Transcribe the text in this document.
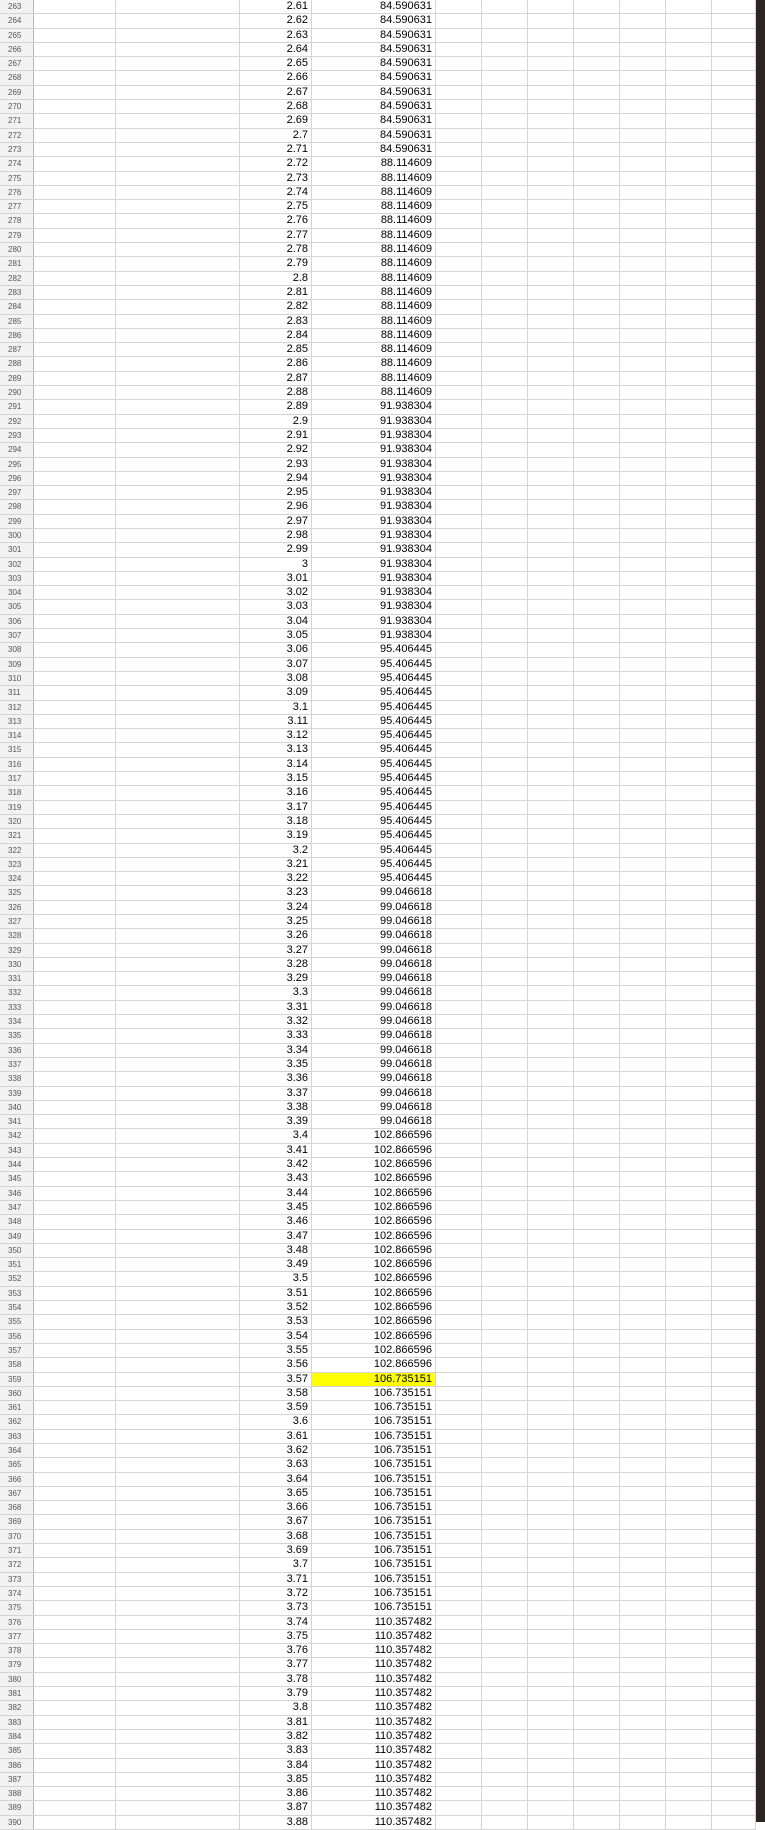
263	2.61	84.590631
264	2.62	84.590631
265	2.63	84.590631
266	2.64	84.590631
267	2.65	84.590631
268	2.66	84.590631
269	2.67	84.590631
270	2.68	84.590631
271	2.69	84.590631
272	2.7	84.590631
273	2.71	84.590631
274	2.72	88.114609
275	2.73	88.114609
276	2.74	88.114609
277	2.75	88.114609
278	2.76	88.114609
279	2.77	88.114609
280	2.78	88.114609
281	2.79	88.114609
282	2.8	88.114609
283	2.81	88.114609
284	2.82	88.114609
285	2.83	88.114609
286	2.84	88.114609
287	2.85	88.114609
288	2.86	88.114609
289	2.87	88.114609
290	2.88	88.114609
291	2.89	91.938304
292	2.9	91.938304
293	2.91	91.938304
294	2.92	91.938304
295	2.93	91.938304
296	2.94	91.938304
297	2.95	91.938304
298	2.96	91.938304
299	2.97	91.938304
300	2.98	91.938304
301	2.99	91.938304
302	3	91.938304
303	3.01	91.938304
304	3.02	91.938304
305	3.03	91.938304
306	3.04	91.938304
307	3.05	91.938304
308	3.06	95.406445
309	3.07	95.406445
310	3.08	95.406445
311	3.09	95.406445
312	3.1	95.406445
313	3.11	95.406445
314	3.12	95.406445
315	3.13	95.406445
316	3.14	95.406445
317	3.15	95.406445
318	3.16	95.406445
319	3.17	95.406445
320	3.18	95.406445
321	3.19	95.406445
322	3.2	95.406445
323	3.21	95.406445
324	3.22	95.406445
325	3.23	99.046618
326	3.24	99.046618
327	3.25	99.046618
328	3.26	99.046618
329	3.27	99.046618
330	3.28	99.046618
331	3.29	99.046618
332	3.3	99.046618
333	3.31	99.046618
334	3.32	99.046618
335	3.33	99.046618
336	3.34	99.046618
337	3.35	99.046618
338	3.36	99.046618
339	3.37	99.046618
340	3.38	99.046618
341	3.39	99.046618
342	3.4	102.866596
343	3.41	102.866596
344	3.42	102.866596
345	3.43	102.866596
346	3.44	102.866596
347	3.45	102.866596
348	3.46	102.866596
349	3.47	102.866596
350	3.48	102.866596
351	3.49	102.866596
352	3.5	102.866596
353	3.51	102.866596
354	3.52	102.866596
355	3.53	102.866596
356	3.54	102.866596
357	3.55	102.866596
358	3.56	102.866596
359	3.57	106.735151
360	3.58	106.735151
361	3.59	106.735151
362	3.6	106.735151
363	3.61	106.735151
364	3.62	106.735151
365	3.63	106.735151
366	3.64	106.735151
367	3.65	106.735151
368	3.66	106.735151
369	3.67	106.735151
370	3.68	106.735151
371	3.69	106.735151
372	3.7	106.735151
373	3.71	106.735151
374	3.72	106.735151
375	3.73	106.735151
376	3.74	110.357482
377	3.75	110.357482
378	3.76	110.357482
379	3.77	110.357482
380	3.78	110.357482
381	3.79	110.357482
382	3.8	110.357482
383	3.81	110.357482
384	3.82	110.357482
385	3.83	110.357482
386	3.84	110.357482
387	3.85	110.357482
388	3.86	110.357482
389	3.87	110.357482
390	3.88	110.357482
